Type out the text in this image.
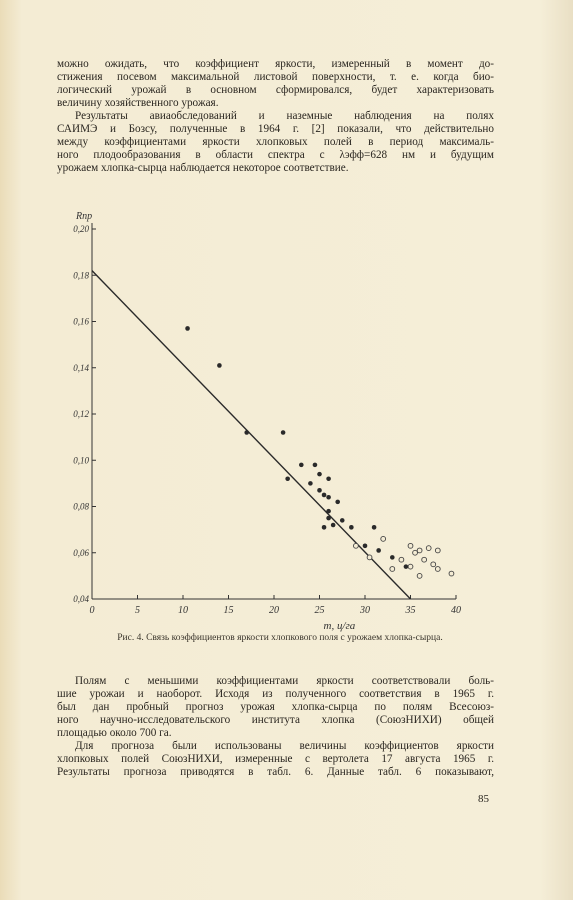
можно ожидать, что коэффициент яркости, измеренный в момент до-
стижения посевом максимальной листовой поверхности, т. е. когда био-
логический урожай в основном сформировался, будет характеризовать
величину хозяйственного урожая.
Результаты авиаобследований и наземные наблюдения на полях
САИМЭ и Бозсу, полученные в 1964 г. [2] показали, что действительно
между коэффициентами яркости хлопковых полей в период максималь-
ного плодообразования в области спектра с λэфф=628 нм и будущим
урожаем хлопка-сырца наблюдается некоторое соответствие.
0	5	10	15	20	25	30	35	40
0,04
0,06
0,08
0,10
0,12
0,14
0,16
0,18
0,20
Rпр
m, ц/га
Рис. 4. Связь коэффициентов яркости хлопкового поля с урожаем хлопка-сырца.
Полям с меньшими коэффициентами яркости соответствовали боль-
шие урожаи и наоборот. Исходя из полученного соответствия в 1965 г.
был дан пробный прогноз урожая хлопка-сырца по полям Всесоюз-
ного научно-исследовательского института хлопка (СоюзНИХИ) общей
площадью около 700 га.
Для прогноза были использованы величины коэффициентов яркости
хлопковых полей СоюзНИХИ, измеренные с вертолета 17 августа 1965 г.
Результаты прогноза приводятся в табл. 6. Данные табл. 6 показывают,
85
